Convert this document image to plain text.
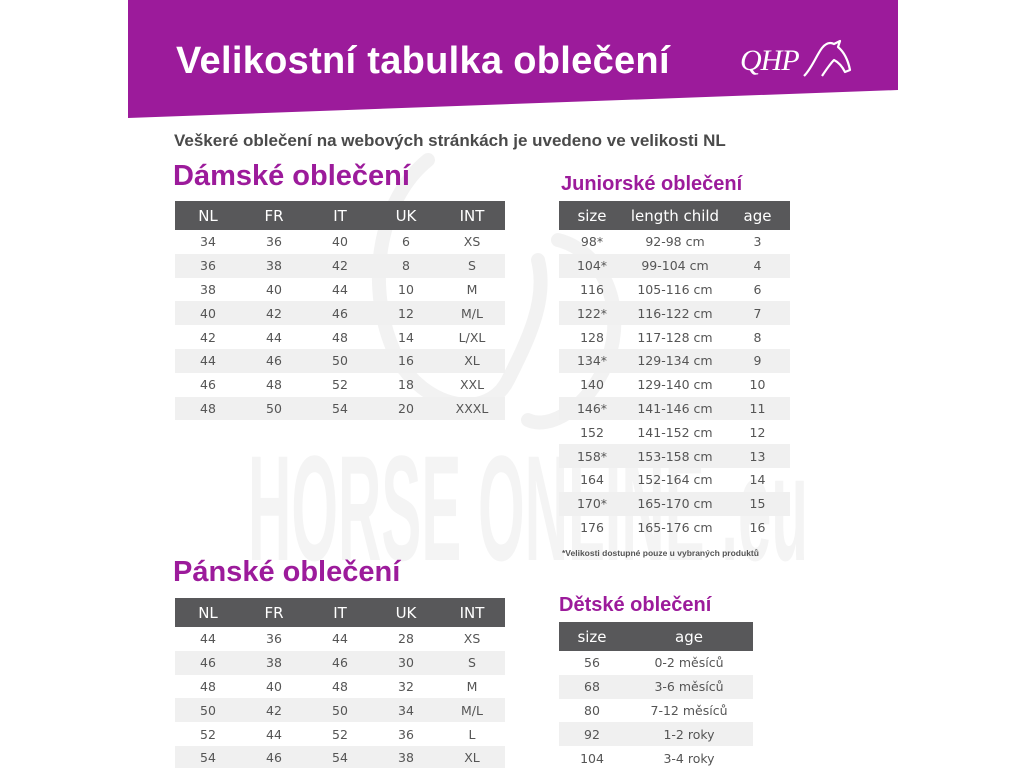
HORSE ONLINE .eu
Velikostní tabulka oblečení QHP
Veškeré oblečení na webových stránkách je uvedeno ve velikosti NL
Dámské oblečení
NL	FR	IT	UK	INT
34	36	40	6	XS
36	38	42	8	S
38	40	44	10	M
40	42	46	12	M/L
42	44	48	14	L/XL
44	46	50	16	XL
46	48	52	18	XXL
48	50	54	20	XXXL
Juniorské oblečení
size	length child	age
98*	92-98 cm	3
104*	99-104 cm	4
116	105-116 cm	6
122*	116-122 cm	7
128	117-128 cm	8
134*	129-134 cm	9
140	129-140 cm	10
146*	141-146 cm	11
152	141-152 cm	12
158*	153-158 cm	13
164	152-164 cm	14
170*	165-170 cm	15
176	165-176 cm	16
*Velikosti dostupné pouze u vybraných produktů
Pánské oblečení
NL	FR	IT	UK	INT
44	36	44	28	XS
46	38	46	30	S
48	40	48	32	M
50	42	50	34	M/L
52	44	52	36	L
54	46	54	38	XL
Dětské oblečení
size	age
56	0-2 měsíců
68	3-6 měsíců
80	7-12 měsíců
92	1-2 roky
104	3-4 roky
